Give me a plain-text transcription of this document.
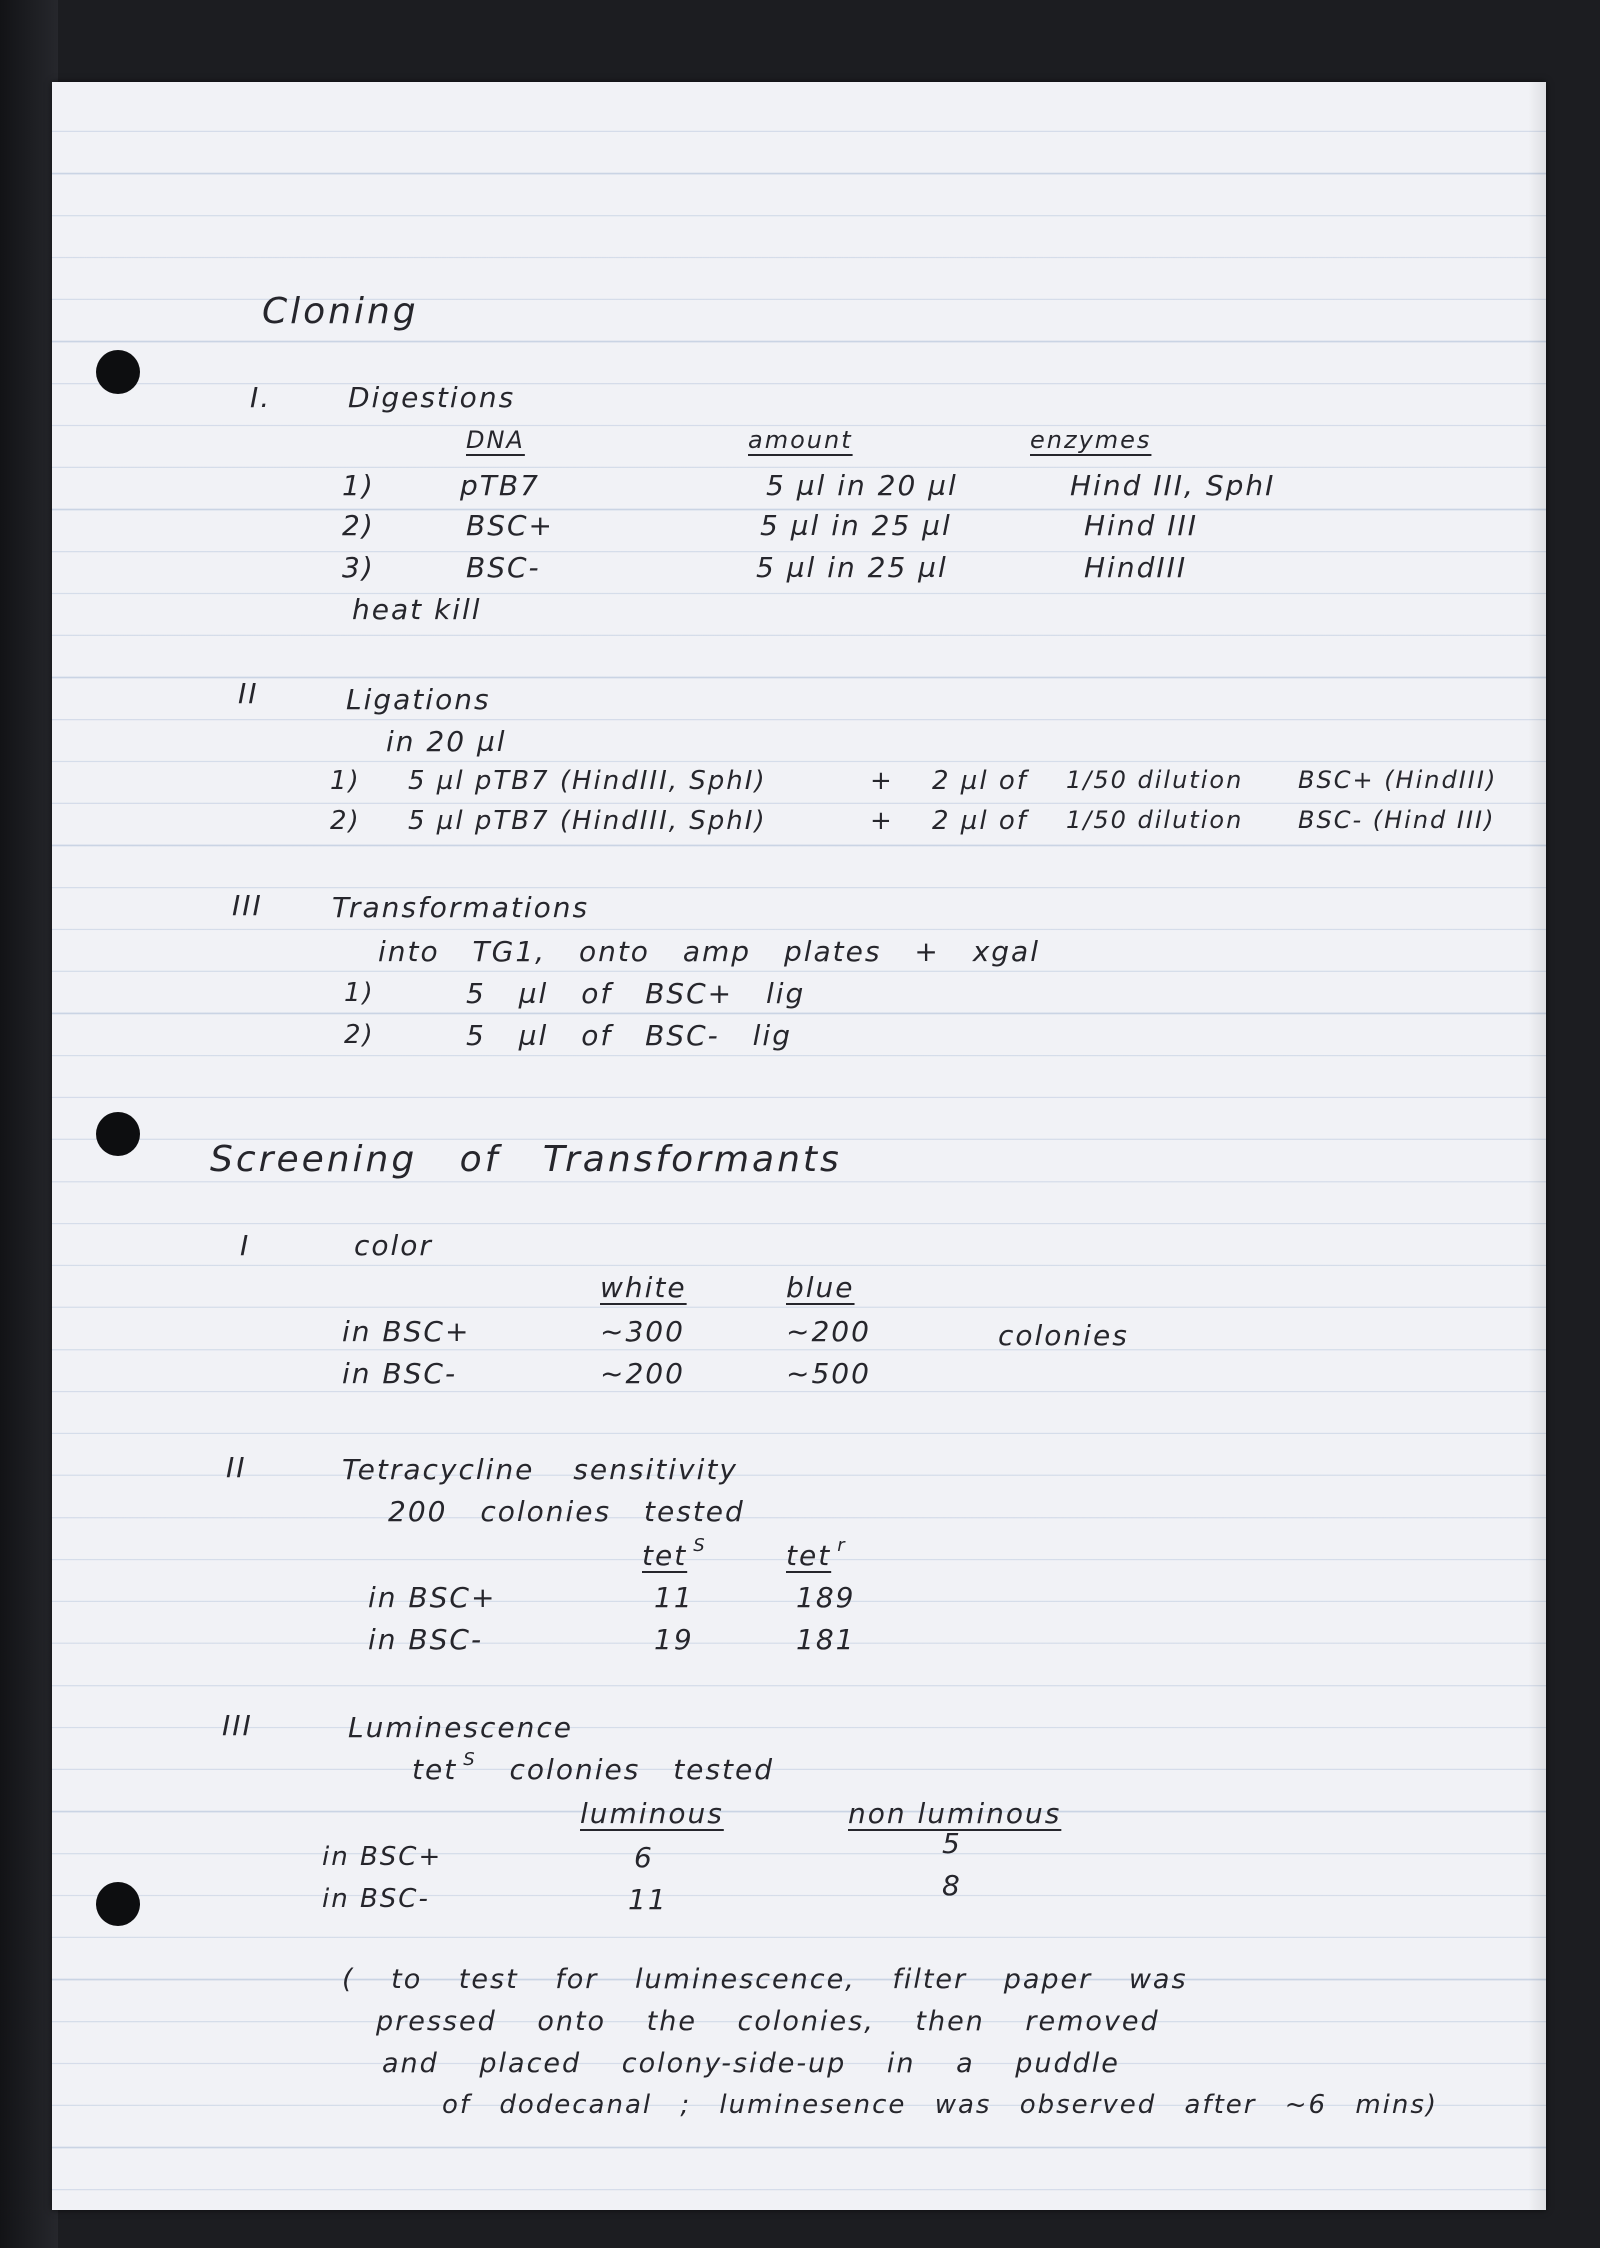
Cloning
I.	Digestions
DNA	amount	enzymes
1)	pTB7	5 µl in 20 µl	Hind III, SphI
2)	BSC+	5 µl in 25 µl	Hind III
3)	BSC-	5 µl in 25 µl	HindIII
heat kill
II	Ligations
in 20 µl
1) 5 µl pTB7 (HindIII, SphI)	+ 2 µl of 1/50 dilution BSC+ (HindIII)
2) 5 µl pTB7 (HindIII, SphI)	+ 2 µl of 1/50 dilution BSC- (Hind III)
III Transformations
into TG1, onto amp plates + xgal
1)	5 µl of BSC+ lig
2)	5 µl of BSC- lig
Screening of Transformants
I	color
white	blue
in BSC+	~300	~200
in BSC-	~200	~500
colonies
II	Tetracycline sensitivity
200 colonies tested
tet $^S$	tet $^r$
in BSC+	11	189
in BSC-	19	181
III	Luminescence
tet $^S$ colonies tested
luminous	non luminous
in BSC+	6	5
in BSC-	11	8
( to test for luminescence, filter paper was
pressed onto the colonies, then removed
and placed colony-side-up in a puddle
of dodecanal ; luminesence was observed after ~6 mins)
